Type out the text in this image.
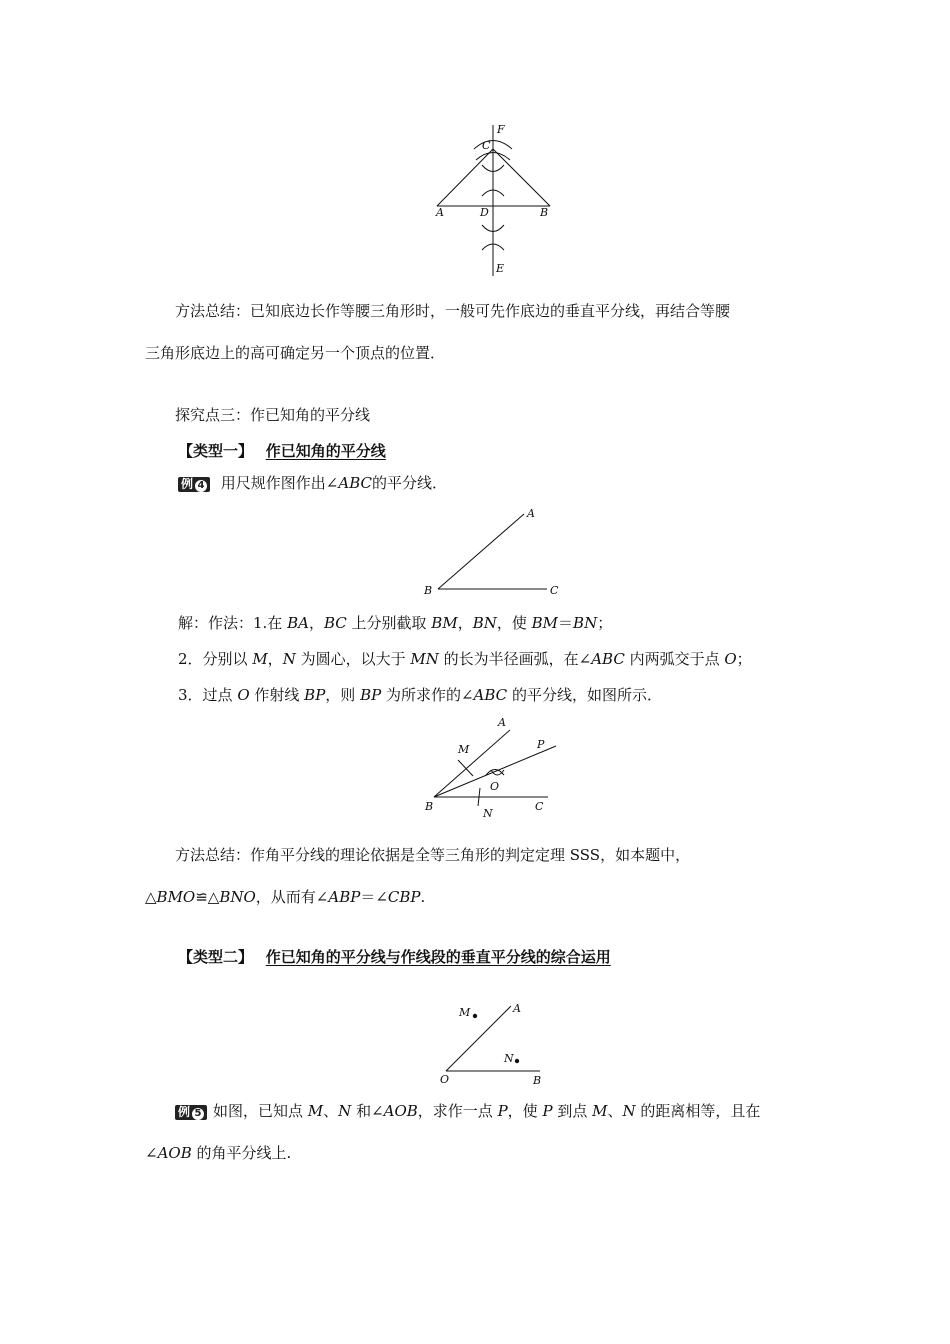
F
C
A	D	B
E
方法总结：已知底边长作等腰三角形时，一般可先作底边的垂直平分线，再结合等腰
三角形底边上的高可确定另一个顶点的位置．
探究点三：作已知角的平分线
【类型一】 作已知角的平分线
例 4 用尺规作图作出∠ABC的平分线．
A
B	C
解：作法：1.在 BA，BC 上分别截取 BM，BN，使 BM＝BN；
2．分别以 M，N 为圆心，以大于 MN 的长为半径画弧，在∠ABC 内两弧交于点 O；
3．过点 O 作射线 BP，则 BP 为所求作的∠ABC 的平分线，如图所示．
A
M	P
O
B
N
C
方法总结：作角平分线的理论依据是全等三角形的判定定理 SSS，如本题中，
△BMO≌△BNO，从而有∠ABP＝∠CBP.
【类型二】 作已知角的平分线与作线段的垂直平分线的综合运用
M	A
N
O	B
例 5 如图，已知点 M、N 和∠AOB，求作一点 P，使 P 到点 M、N 的距离相等，且在
∠AOB 的角平分线上.
